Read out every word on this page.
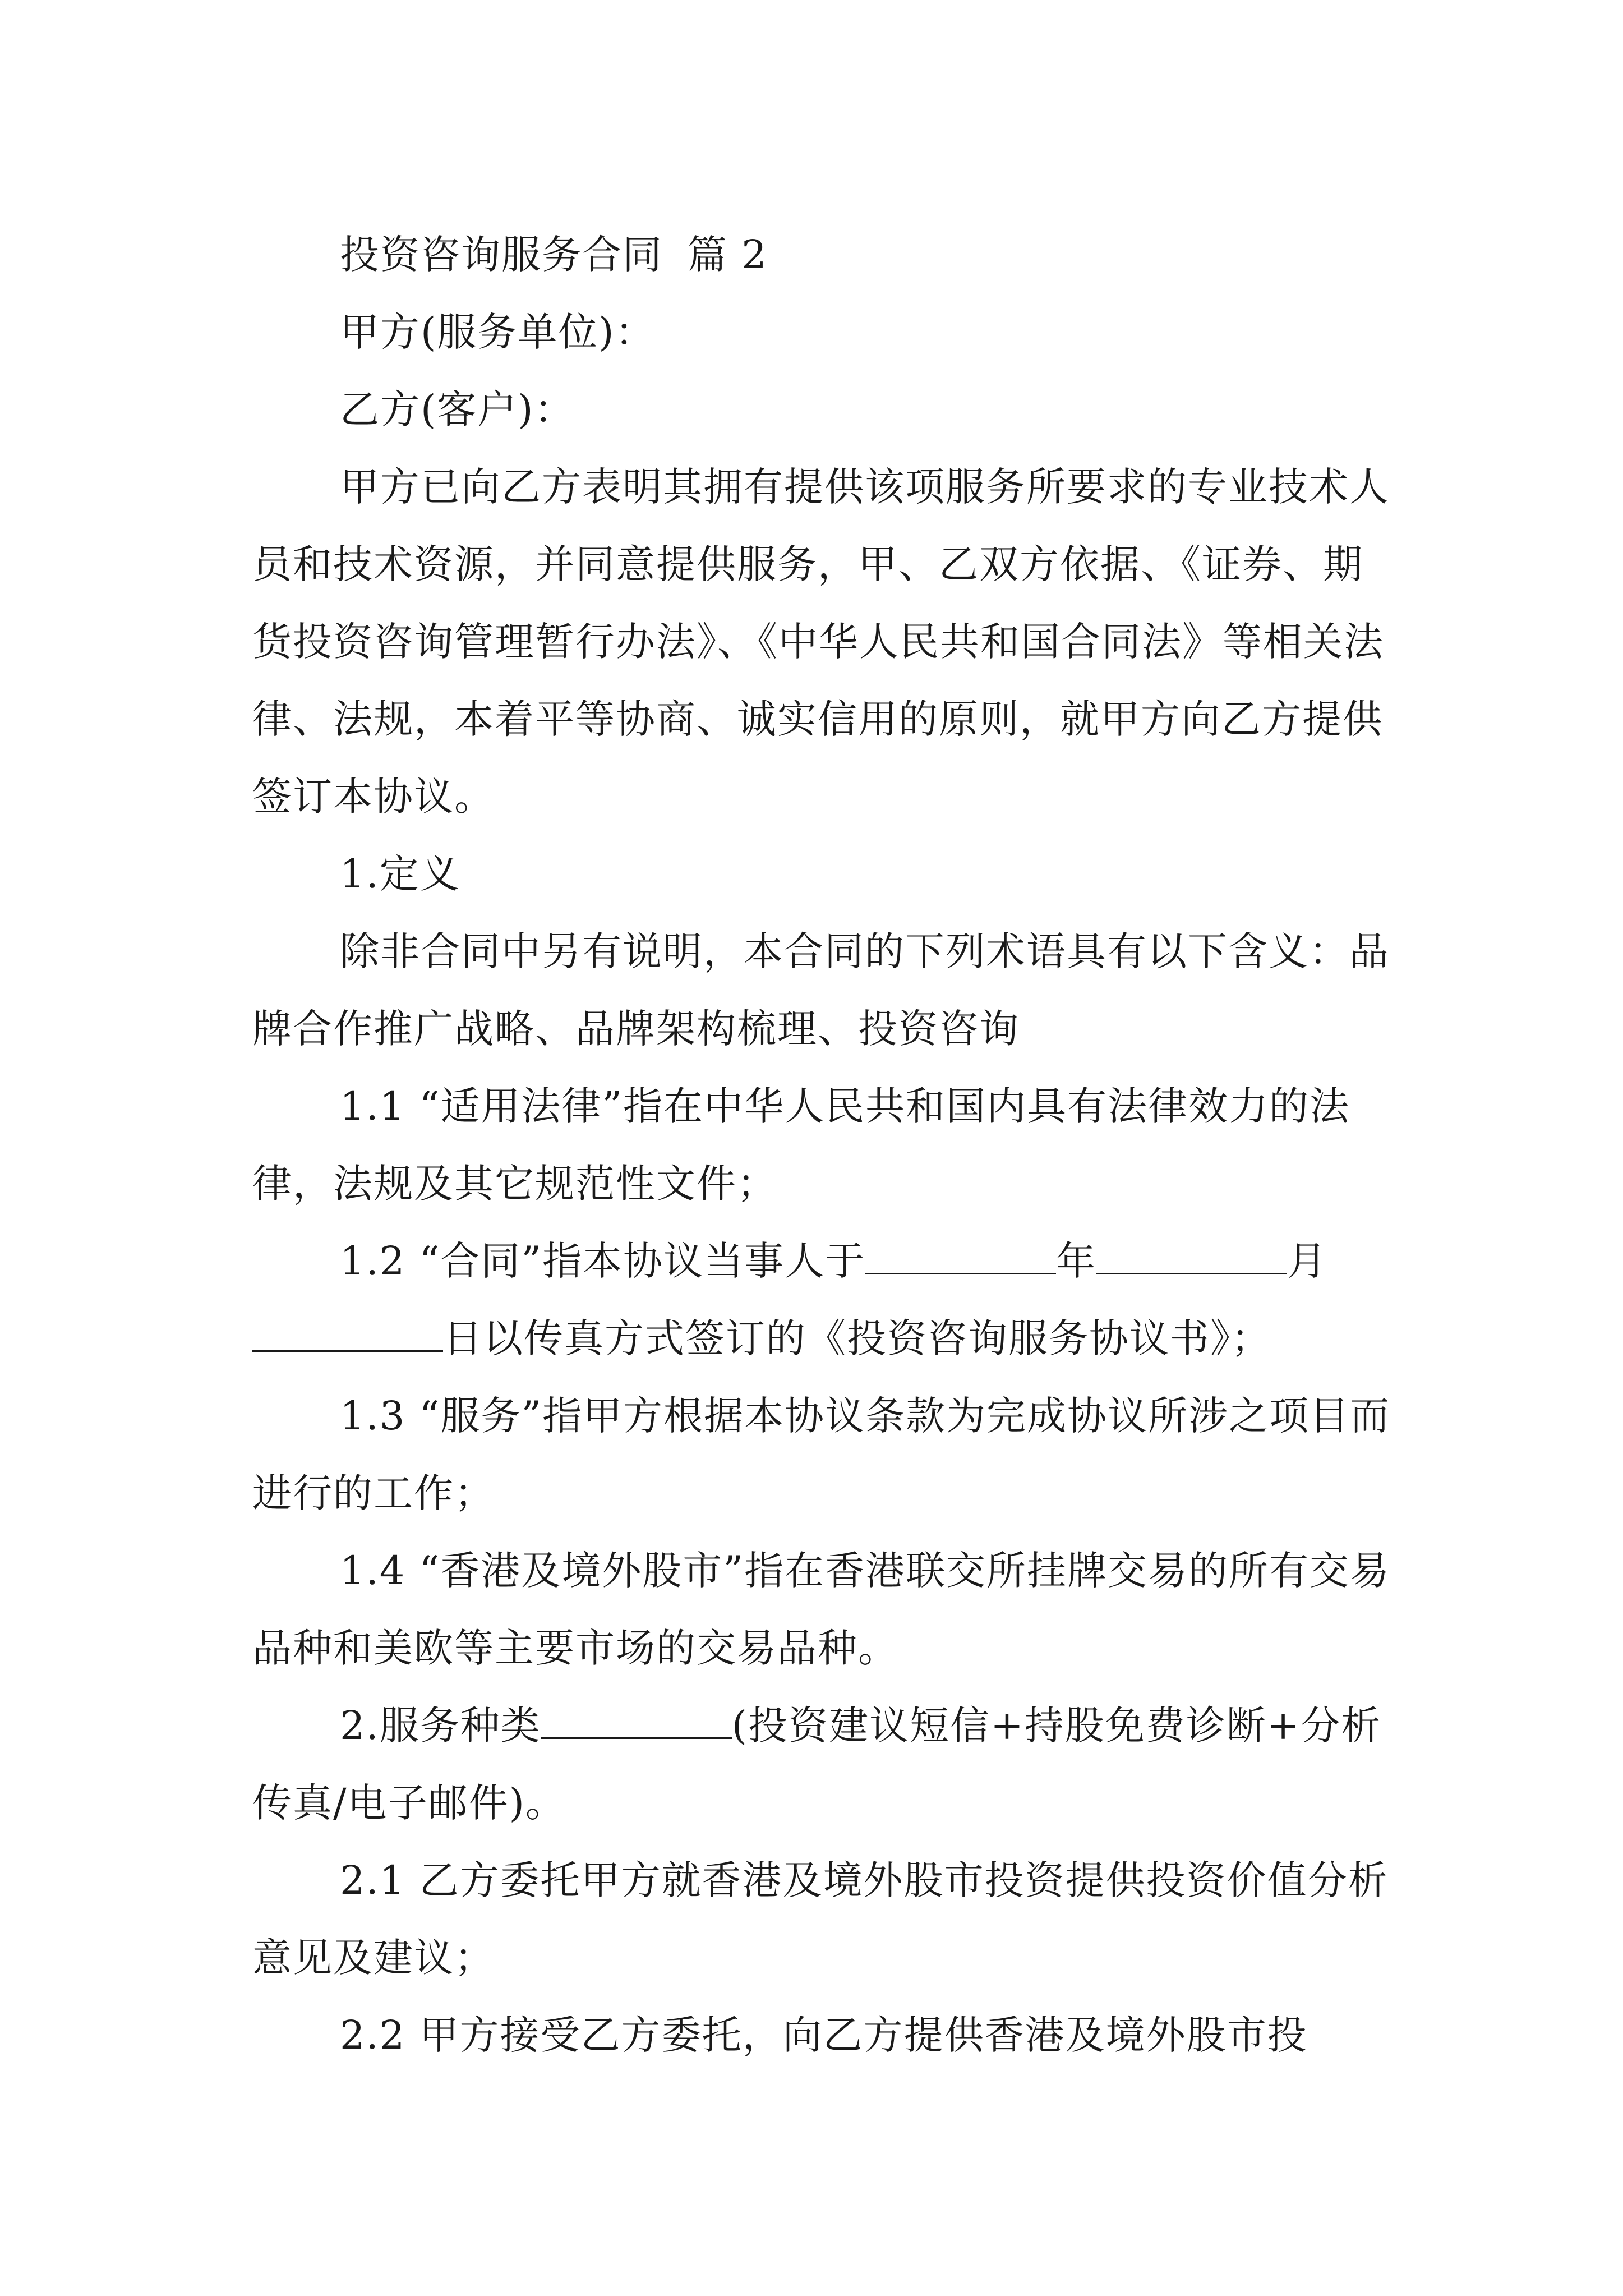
投资咨询服务合同 篇 2

甲方(服务单位)：

乙方(客户)：

甲方已向乙方表明其拥有提供该项服务所要求的专业技术人员和技术资源，并同意提供服务，甲、乙双方依据、《证券、期货投资咨询管理暂行办法》、《中华人民共和国合同法》等相关法律、法规，本着平等协商、诚实信用的原则，就甲方向乙方提供签订本协议。

1.定义

除非合同中另有说明，本合同的下列术语具有以下含义：品牌合作推广战略、品牌架构梳理、投资咨询

1.1 “适用法律”指在中华人民共和国内具有法律效力的法律，法规及其它规范性文件；

1.2 “合同”指本协议当事人于	年	月日以传真方式签订的《投资咨询服务协议书》；

1.3 “服务”指甲方根据本协议条款为完成协议所涉之项目而进行的工作；

1.4 “香港及境外股市”指在香港联交所挂牌交易的所有交易品种和美欧等主要市场的交易品种。

2.服务种类	(投资建议短信+持股免费诊断+分析传真/电子邮件)。

2.1 乙方委托甲方就香港及境外股市投资提供投资价值分析意见及建议；

2.2 甲方接受乙方委托，向乙方提供香港及境外股市投
